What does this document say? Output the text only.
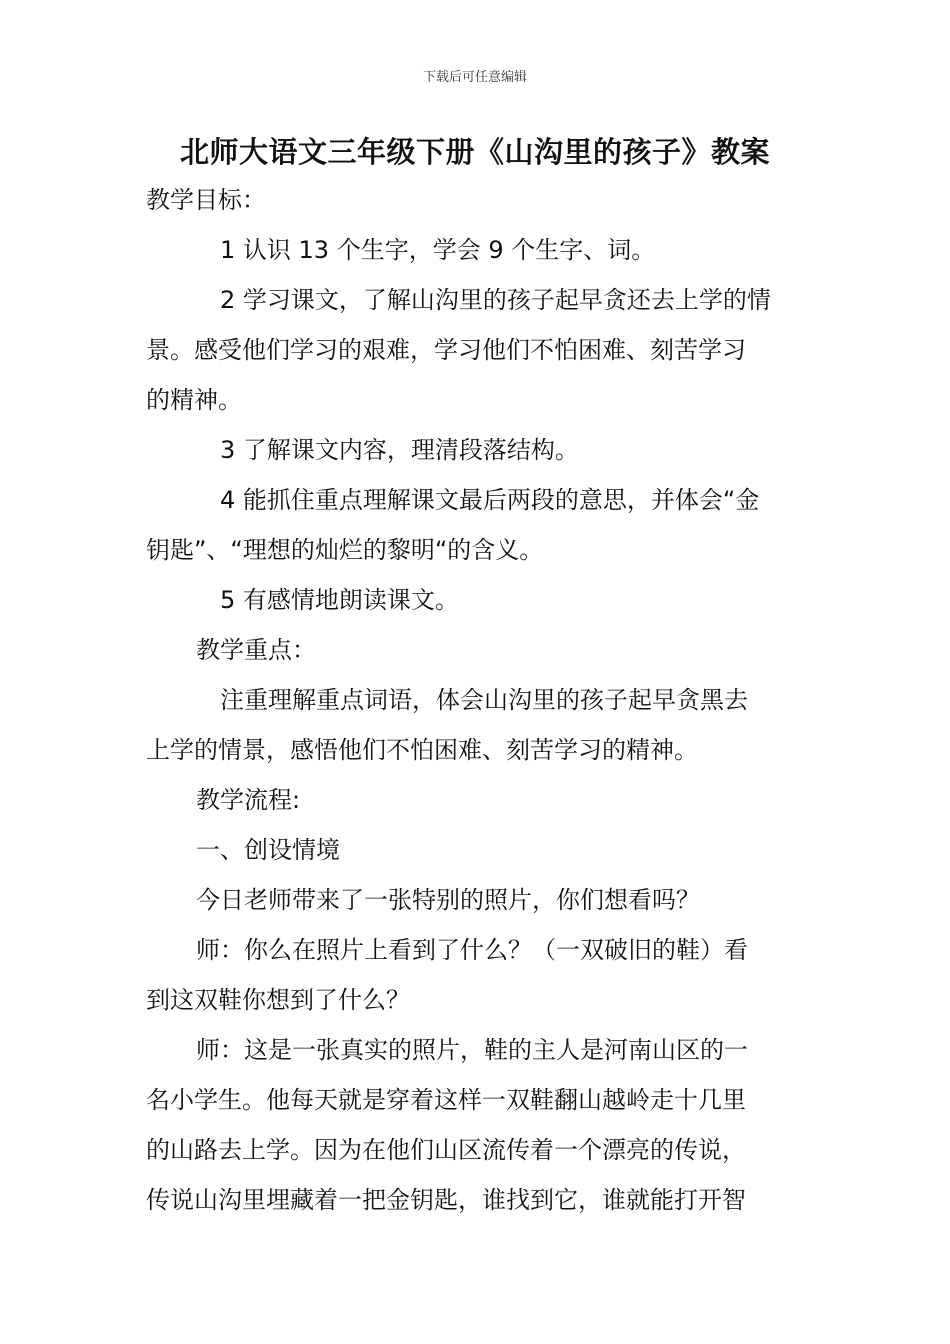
下载后可任意编辑
北师大语文三年级下册《山沟里的孩子》教案
教学目标：
1 认识 13 个生字，学会 9 个生字、词。
2 学习课文，了解山沟里的孩子起早贪还去上学的情
景。感受他们学习的艰难，学习他们不怕困难、刻苦学习
的精神。
3 了解课文内容，理清段落结构。
4 能抓住重点理解课文最后两段的意思，并体会“金
钥匙”、“理想的灿烂的黎明“的含义。
5 有感情地朗读课文。
教学重点：
注重理解重点词语，体会山沟里的孩子起早贪黑去
上学的情景，感悟他们不怕困难、刻苦学习的精神。
教学流程:
一、创设情境
今日老师带来了一张特别的照片，你们想看吗？
师：你么在照片上看到了什么？（一双破旧的鞋）看
到这双鞋你想到了什么？
师：这是一张真实的照片，鞋的主人是河南山区的一
名小学生。他每天就是穿着这样一双鞋翻山越岭走十几里
的山路去上学。因为在他们山区流传着一个漂亮的传说，
传说山沟里埋藏着一把金钥匙，谁找到它，谁就能打开智
